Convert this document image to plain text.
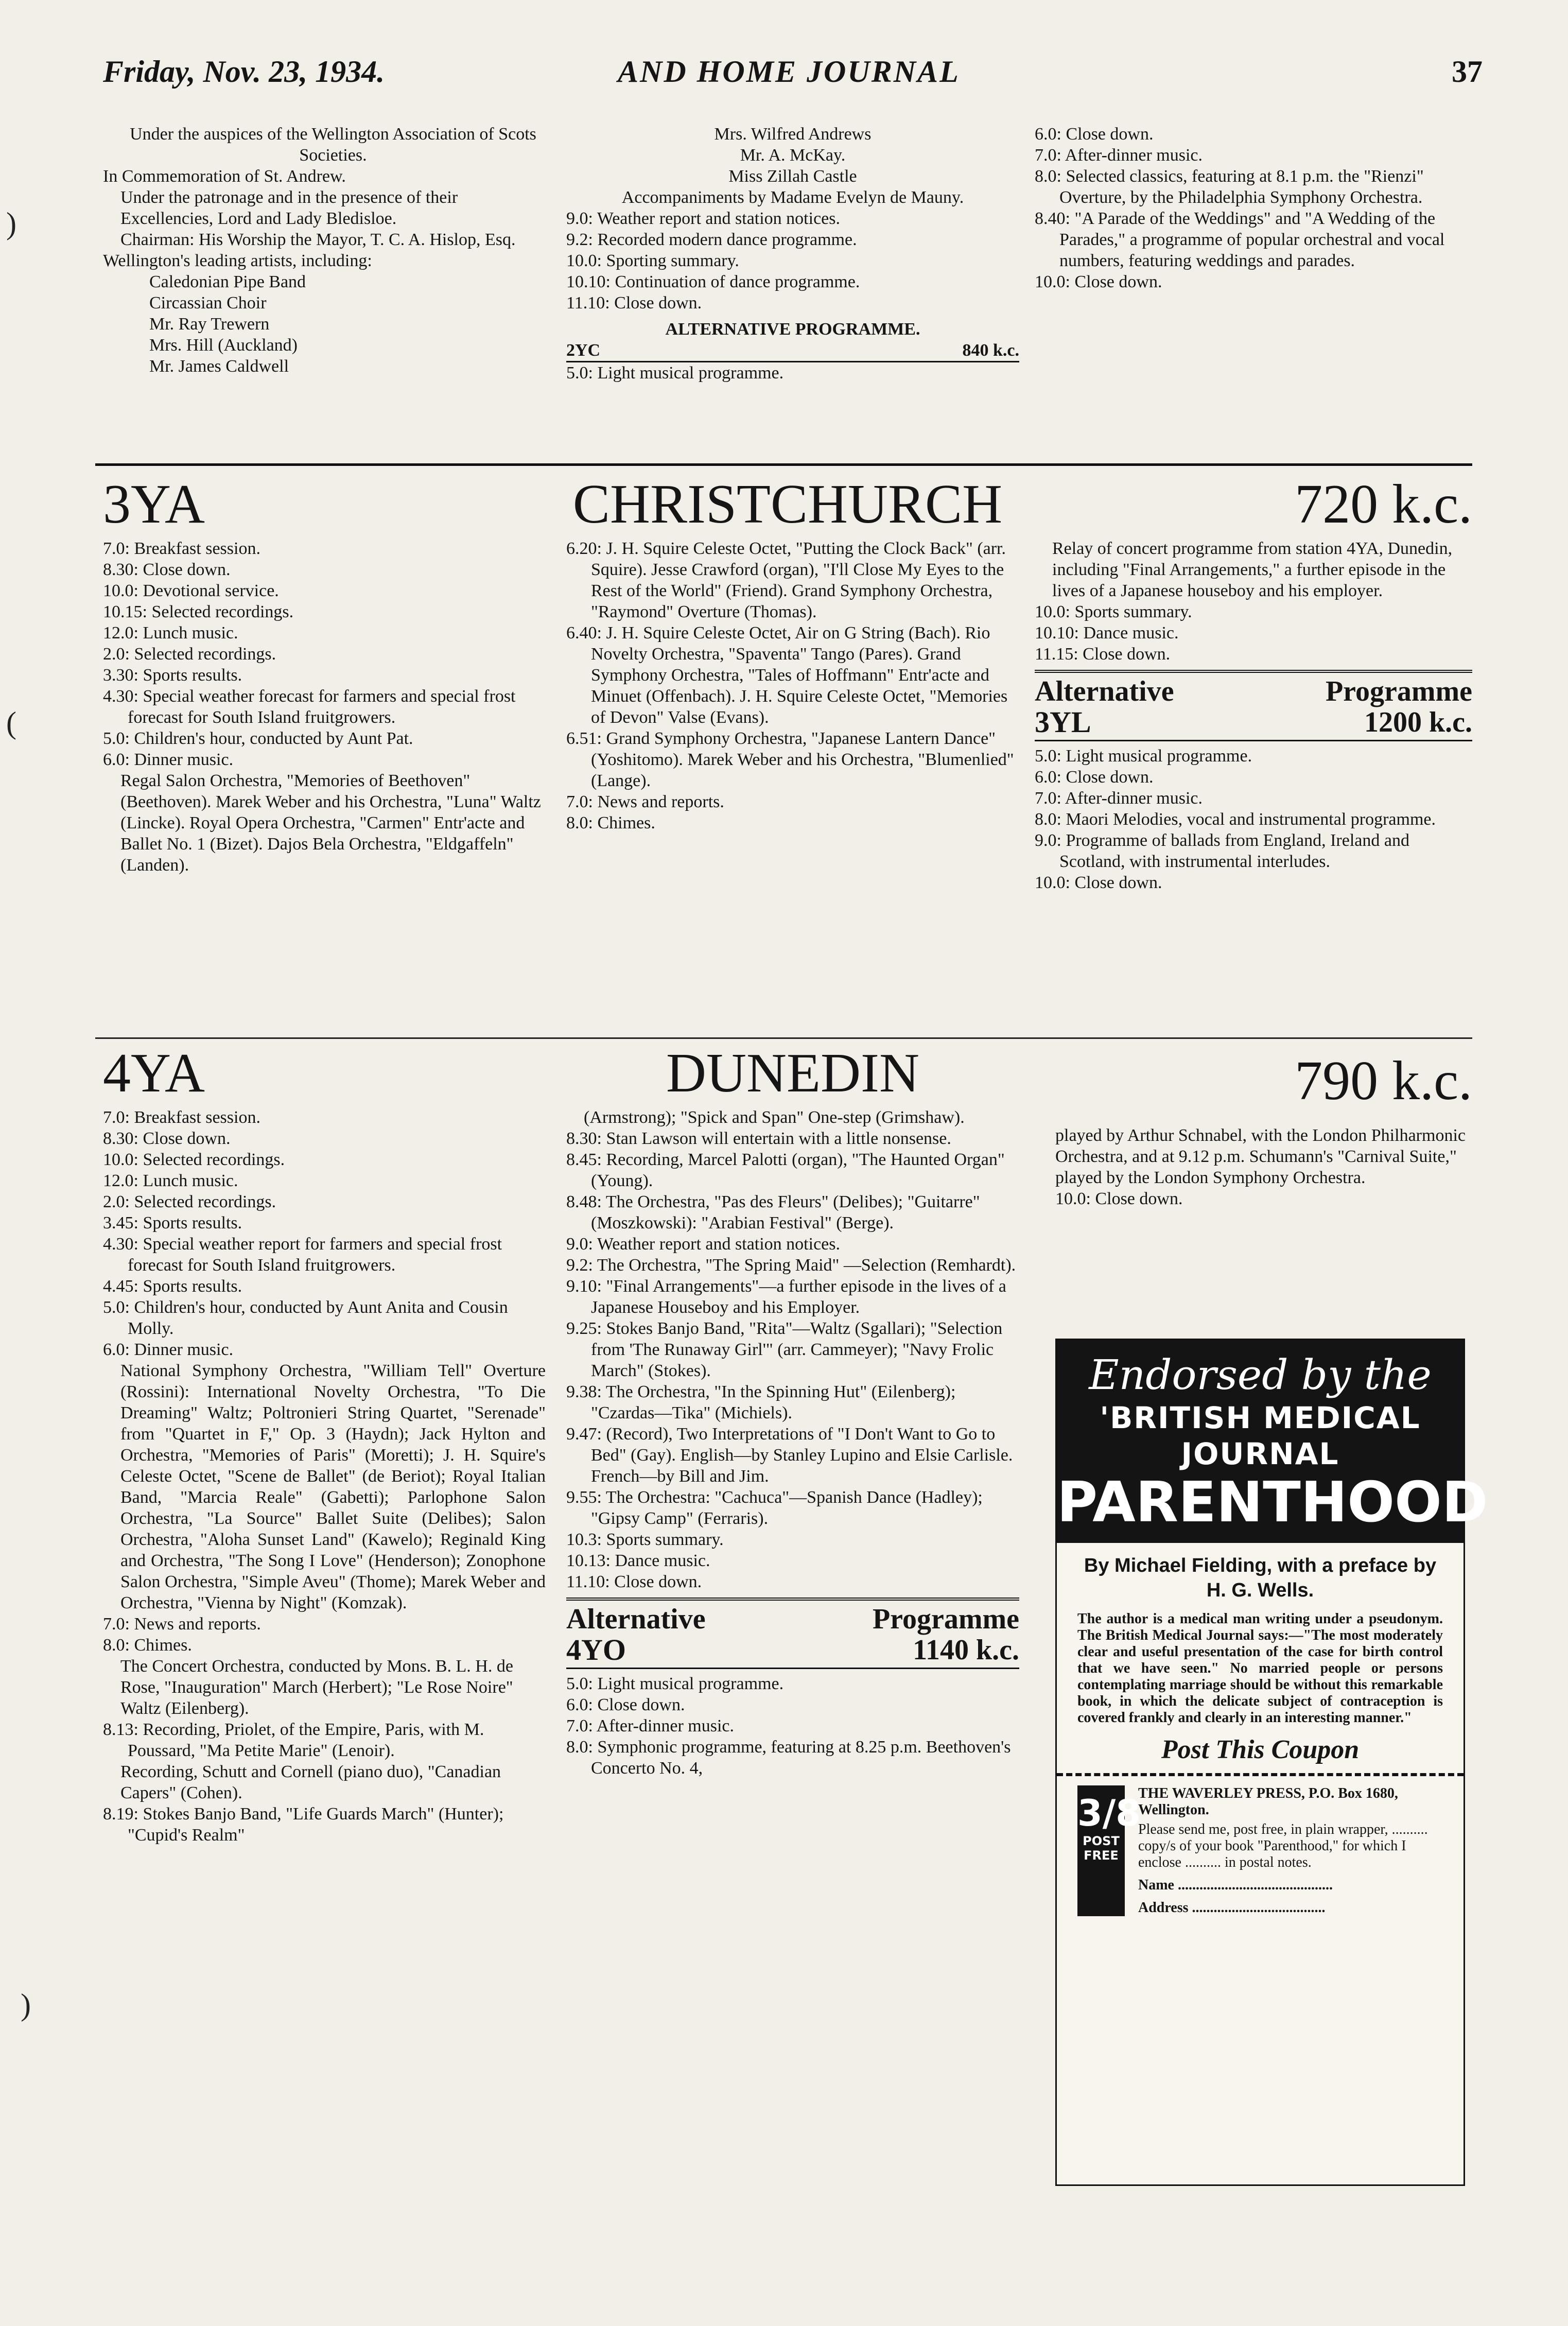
Friday, Nov. 23, 1934.	AND HOME JOURNAL	37

Under the auspices of the Wellington Association of Scots Societies.

In Commemoration of St. Andrew.

Under the patronage and in the presence of their Excellencies, Lord and Lady Bledisloe.

Chairman: His Worship the Mayor, T. C. A. Hislop, Esq.

Wellington's leading artists, including:

Caledonian Pipe Band

Circassian Choir

Mr. Ray Trewern

Mrs. Hill (Auckland)

Mr. James Caldwell

Mrs. Wilfred Andrews

Mr. A. McKay.

Miss Zillah Castle

Accompaniments by Madame Evelyn de Mauny.

9.0: Weather report and station notices.

9.2: Recorded modern dance programme.

10.0: Sporting summary.

10.10: Continuation of dance programme.

11.10: Close down.

ALTERNATIVE PROGRAMME.

2YC	840 k.c.

5.0: Light musical programme.

6.0: Close down.

7.0: After-dinner music.

8.0: Selected classics, featuring at 8.1 p.m. the "Rienzi" Overture, by the Philadelphia Symphony Orchestra.

8.40: "A Parade of the Weddings" and "A Wedding of the Parades," a programme of popular orchestral and vocal numbers, featuring weddings and parades.

10.0: Close down.

3YA	CHRISTCHURCH	720 k.c.

7.0: Breakfast session.

8.30: Close down.

10.0: Devotional service.

10.15: Selected recordings.

12.0: Lunch music.

2.0: Selected recordings.

3.30: Sports results.

4.30: Special weather forecast for farmers and special frost forecast for South Island fruitgrowers.

5.0: Children's hour, conducted by Aunt Pat.

6.0: Dinner music.

Regal Salon Orchestra, "Memories of Beethoven" (Beethoven). Marek Weber and his Orchestra, "Luna" Waltz (Lincke). Royal Opera Orchestra, "Carmen" Entr'acte and Ballet No. 1 (Bizet). Dajos Bela Orchestra, "Eldgaffeln" (Landen).

6.20: J. H. Squire Celeste Octet, "Putting the Clock Back" (arr. Squire). Jesse Crawford (organ), "I'll Close My Eyes to the Rest of the World" (Friend). Grand Symphony Orchestra, "Raymond" Overture (Thomas).

6.40: J. H. Squire Celeste Octet, Air on G String (Bach). Rio Novelty Orchestra, "Spaventa" Tango (Pares). Grand Symphony Orchestra, "Tales of Hoffmann" Entr'acte and Minuet (Offenbach). J. H. Squire Celeste Octet, "Memories of Devon" Valse (Evans).

6.51: Grand Symphony Orchestra, "Japanese Lantern Dance" (Yoshitomo). Marek Weber and his Orchestra, "Blumenlied" (Lange).

7.0: News and reports.

8.0: Chimes.

Relay of concert programme from station 4YA, Dunedin, including "Final Arrangements," a further episode in the lives of a Japanese houseboy and his employer.

10.0: Sports summary.

10.10: Dance music.

11.15: Close down.

Alternative	Programme
3YL	1200 k.c.

5.0: Light musical programme.

6.0: Close down.

7.0: After-dinner music.

8.0: Maori Melodies, vocal and instrumental programme.

9.0: Programme of ballads from England, Ireland and Scotland, with instrumental interludes.

10.0: Close down.

4YA	DUNEDIN	790 k.c.

7.0: Breakfast session.

8.30: Close down.

10.0: Selected recordings.

12.0: Lunch music.

2.0: Selected recordings.

3.45: Sports results.

4.30: Special weather report for farmers and special frost forecast for South Island fruitgrowers.

4.45: Sports results.

5.0: Children's hour, conducted by Aunt Anita and Cousin Molly.

6.0: Dinner music.

National Symphony Orchestra, "William Tell" Overture (Rossini): International Novelty Orchestra, "To Die Dreaming" Waltz; Poltronieri String Quartet, "Serenade" from "Quartet in F," Op. 3 (Haydn); Jack Hylton and Orchestra, "Memories of Paris" (Moretti); J. H. Squire's Celeste Octet, "Scene de Ballet" (de Beriot); Royal Italian Band, "Marcia Reale" (Gabetti); Parlophone Salon Orchestra, "La Source" Ballet Suite (Delibes); Salon Orchestra, "Aloha Sunset Land" (Kawelo); Reginald King and Orchestra, "The Song I Love" (Henderson); Zonophone Salon Orchestra, "Simple Aveu" (Thome); Marek Weber and Orchestra, "Vienna by Night" (Komzak).

7.0: News and reports.

8.0: Chimes.

The Concert Orchestra, conducted by Mons. B. L. H. de Rose, "Inauguration" March (Herbert); "Le Rose Noire" Waltz (Eilenberg).

8.13: Recording, Priolet, of the Empire, Paris, with M. Poussard, "Ma Petite Marie" (Lenoir).

Recording, Schutt and Cornell (piano duo), "Canadian Capers" (Cohen).

8.19: Stokes Banjo Band, "Life Guards March" (Hunter); "Cupid's Realm"

(Armstrong); "Spick and Span" One-step (Grimshaw).

8.30: Stan Lawson will entertain with a little nonsense.

8.45: Recording, Marcel Palotti (organ), "The Haunted Organ" (Young).

8.48: The Orchestra, "Pas des Fleurs" (Delibes); "Guitarre" (Moszkowski): "Arabian Festival" (Berge).

9.0: Weather report and station notices.

9.2: The Orchestra, "The Spring Maid" —Selection (Remhardt).

9.10: "Final Arrangements"—a further episode in the lives of a Japanese Houseboy and his Employer.

9.25: Stokes Banjo Band, "Rita"—Waltz (Sgallari); "Selection from 'The Runaway Girl'" (arr. Cammeyer); "Navy Frolic March" (Stokes).

9.38: The Orchestra, "In the Spinning Hut" (Eilenberg); "Czardas—Tika" (Michiels).

9.47: (Record), Two Interpretations of "I Don't Want to Go to Bed" (Gay). English—by Stanley Lupino and Elsie Carlisle. French—by Bill and Jim.

9.55: The Orchestra: "Cachuca"—Spanish Dance (Hadley); "Gipsy Camp" (Ferraris).

10.3: Sports summary.

10.13: Dance music.

11.10: Close down.

Alternative	Programme
4YO	1140 k.c.

5.0: Light musical programme.

6.0: Close down.

7.0: After-dinner music.

8.0: Symphonic programme, featuring at 8.25 p.m. Beethoven's Concerto No. 4,

played by Arthur Schnabel, with the London Philharmonic Orchestra, and at 9.12 p.m. Schumann's "Carnival Suite," played by the London Symphony Orchestra.

10.0: Close down.

Endorsed by the
'BRITISH MEDICAL
JOURNAL
PARENTHOOD
By Michael Fielding, with a preface by H. G. Wells.
The author is a medical man writing under a pseudonym. The British Medical Journal says:—"The most moderately clear and useful presentation of the case for birth control that we have seen." No married people or persons contemplating marriage should be without this remarkable book, in which the delicate subject of contraception is covered frankly and clearly in an interesting manner."
Post This Coupon
3/8
POST
FREE
THE WAVERLEY PRESS, P.O. Box 1680, Wellington.
Please send me, post free, in plain wrapper, .......... copy/s of your book "Parenthood," for which I enclose .......... in postal notes.
Name ...........................................
Address .....................................
)
(
)
